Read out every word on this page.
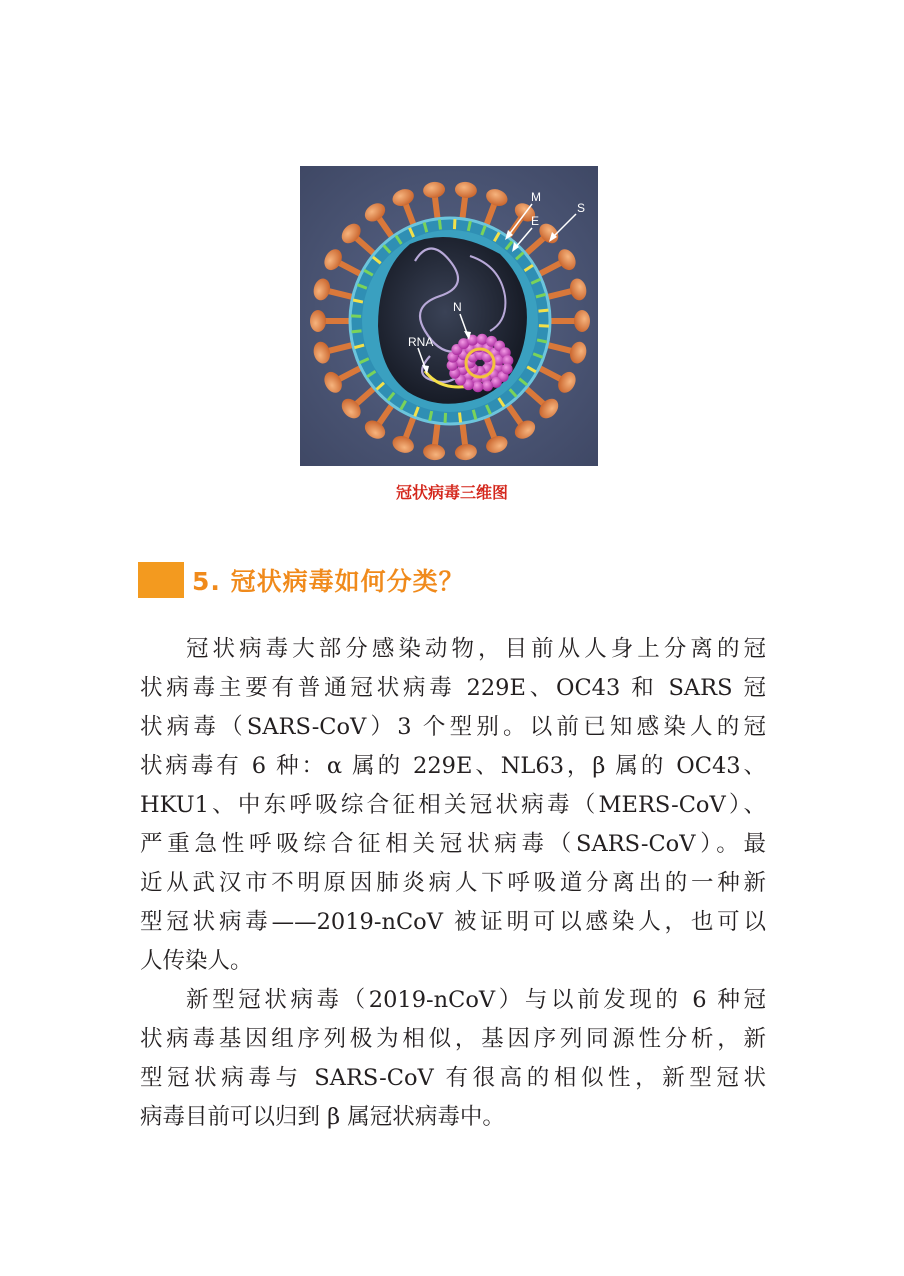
M
E
S
N
RNA
冠状病毒三维图
5. 冠状病毒如何分类？
冠状病毒大部分感染动物，目前从人身上分离的冠
状病毒主要有普通冠状病毒 229E、OC43 和 SARS 冠
状病毒（SARS-CoV）3 个型别。以前已知感染人的冠
状病毒有 6 种：α 属的 229E、NL63，β 属的 OC43、
HKU1、中东呼吸综合征相关冠状病毒（MERS-CoV）、
严重急性呼吸综合征相关冠状病毒（SARS-CoV）。最
近从武汉市不明原因肺炎病人下呼吸道分离出的一种新
型冠状病毒——2019-nCoV 被证明可以感染人，也可以
人传染人。
新型冠状病毒（2019-nCoV）与以前发现的 6 种冠
状病毒基因组序列极为相似，基因序列同源性分析，新
型冠状病毒与 SARS-CoV 有很高的相似性，新型冠状
病毒目前可以归到 β 属冠状病毒中。
